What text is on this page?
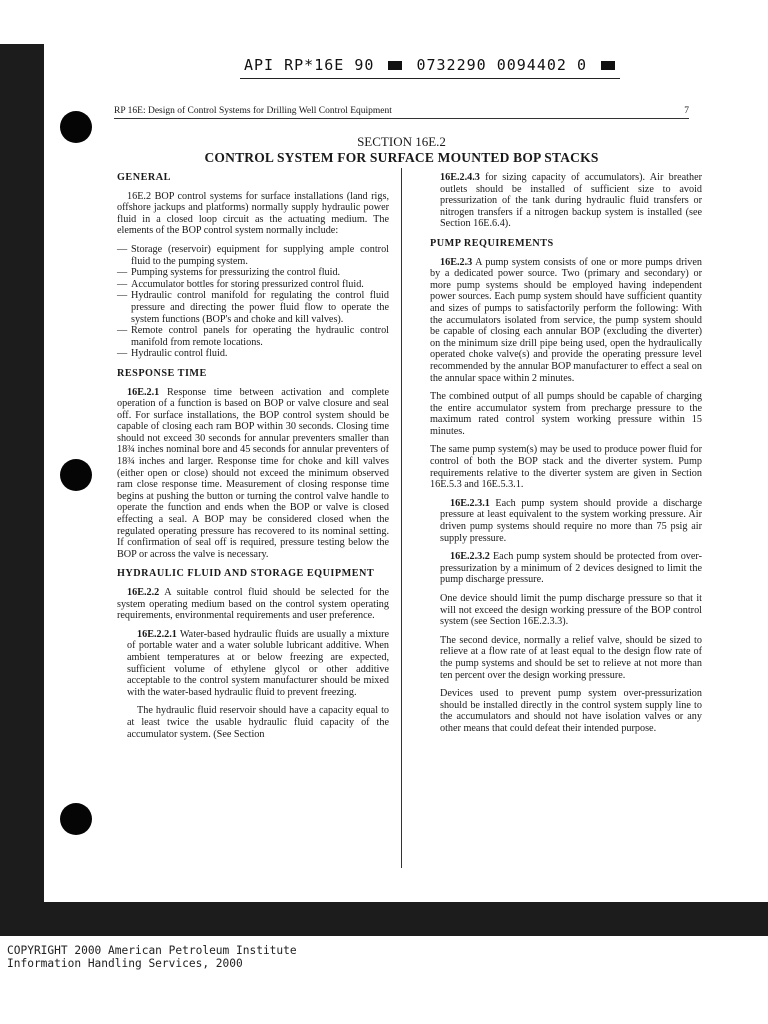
API RP*16E 90	0732290 0094402 0
RP 16E: Design of Control Systems for Drilling Well Control Equipment	7
SECTION 16E.2
CONTROL SYSTEM FOR SURFACE MOUNTED BOP STACKS
GENERAL

16E.2 BOP control systems for surface installations (land rigs, offshore jackups and platforms) normally supply hydraulic power fluid in a closed loop circuit as the actuating medium. The elements of the BOP control system normally include:

— Storage (reservoir) equipment for supplying ample control fluid to the pumping system.
— Pumping systems for pressurizing the control fluid.
— Accumulator bottles for storing pressurized control fluid.
— Hydraulic control manifold for regulating the control fluid pressure and directing the power fluid flow to operate the system functions (BOP's and choke and kill valves).
— Remote control panels for operating the hydraulic control manifold from remote locations.
— Hydraulic control fluid.
RESPONSE TIME

16E.2.1 Response time between activation and complete operation of a function is based on BOP or valve closure and seal off. For surface installations, the BOP control system should be capable of closing each ram BOP within 30 seconds. Closing time should not exceed 30 seconds for annular preventers smaller than 18¾ inches nominal bore and 45 seconds for annular preventers of 18¾ inches and larger. Response time for choke and kill valves (either open or close) should not exceed the minimum observed ram close response time. Measurement of closing response time begins at pushing the button or turning the control valve handle to operate the function and ends when the BOP or valve is closed effecting a seal. A BOP may be considered closed when the regulated operating pressure has recovered to its nominal setting. If confirmation of seal off is required, pressure testing below the BOP or across the valve is necessary.

HYDRAULIC FLUID AND STORAGE EQUIPMENT

16E.2.2 A suitable control fluid should be selected for the system operating medium based on the control system operating requirements, environmental requirements and user preference.

16E.2.2.1 Water-based hydraulic fluids are usually a mixture of portable water and a water soluble lubricant additive. When ambient temperatures at or below freezing are expected, sufficient volume of ethylene glycol or other additive acceptable to the control system manufacturer should be mixed with the water-based hydraulic fluid to prevent freezing.

The hydraulic fluid reservoir should have a capacity equal to at least twice the usable hydraulic fluid capacity of the accumulator system. (See Section

16E.2.4.3 for sizing capacity of accumulators). Air breather outlets should be installed of sufficient size to avoid pressurization of the tank during hydraulic fluid transfers or nitrogen transfers if a nitrogen backup system is installed (see Section 16E.6.4).

PUMP REQUIREMENTS

16E.2.3 A pump system consists of one or more pumps driven by a dedicated power source. Two (primary and secondary) or more pump systems should be employed having independent power sources. Each pump system should have sufficient quantity and sizes of pumps to satisfactorily perform the following: With the accumulators isolated from service, the pump system should be capable of closing each annular BOP (excluding the diverter) on the minimum size drill pipe being used, open the hydraulically operated choke valve(s) and provide the operating pressure level recommended by the annular BOP manufacturer to effect a seal on the annular space within 2 minutes.

The combined output of all pumps should be capable of charging the entire accumulator system from precharge pressure to the maximum rated control system working pressure within 15 minutes.

The same pump system(s) may be used to produce power fluid for control of both the BOP stack and the diverter system. Pump requirements relative to the diverter system are given in Section 16E.5.3 and 16E.5.3.1.

16E.2.3.1 Each pump system should provide a discharge pressure at least equivalent to the system working pressure. Air driven pump systems should require no more than 75 psig air supply pressure.

16E.2.3.2 Each pump system should be protected from over-pressurization by a minimum of 2 devices designed to limit the pump discharge pressure.

One device should limit the pump discharge pressure so that it will not exceed the design working pressure of the BOP control system (see Section 16E.2.3.3).

The second device, normally a relief valve, should be sized to relieve at a flow rate of at least equal to the design flow rate of the pump systems and should be set to relieve at not more than ten percent over the design working pressure.

Devices used to prevent pump system over-pressurization should be installed directly in the control system supply line to the accumulators and should not have isolation valves or any other means that could defeat their intended purpose.

COPYRIGHT 2000 American Petroleum Institute
Information Handling Services, 2000
